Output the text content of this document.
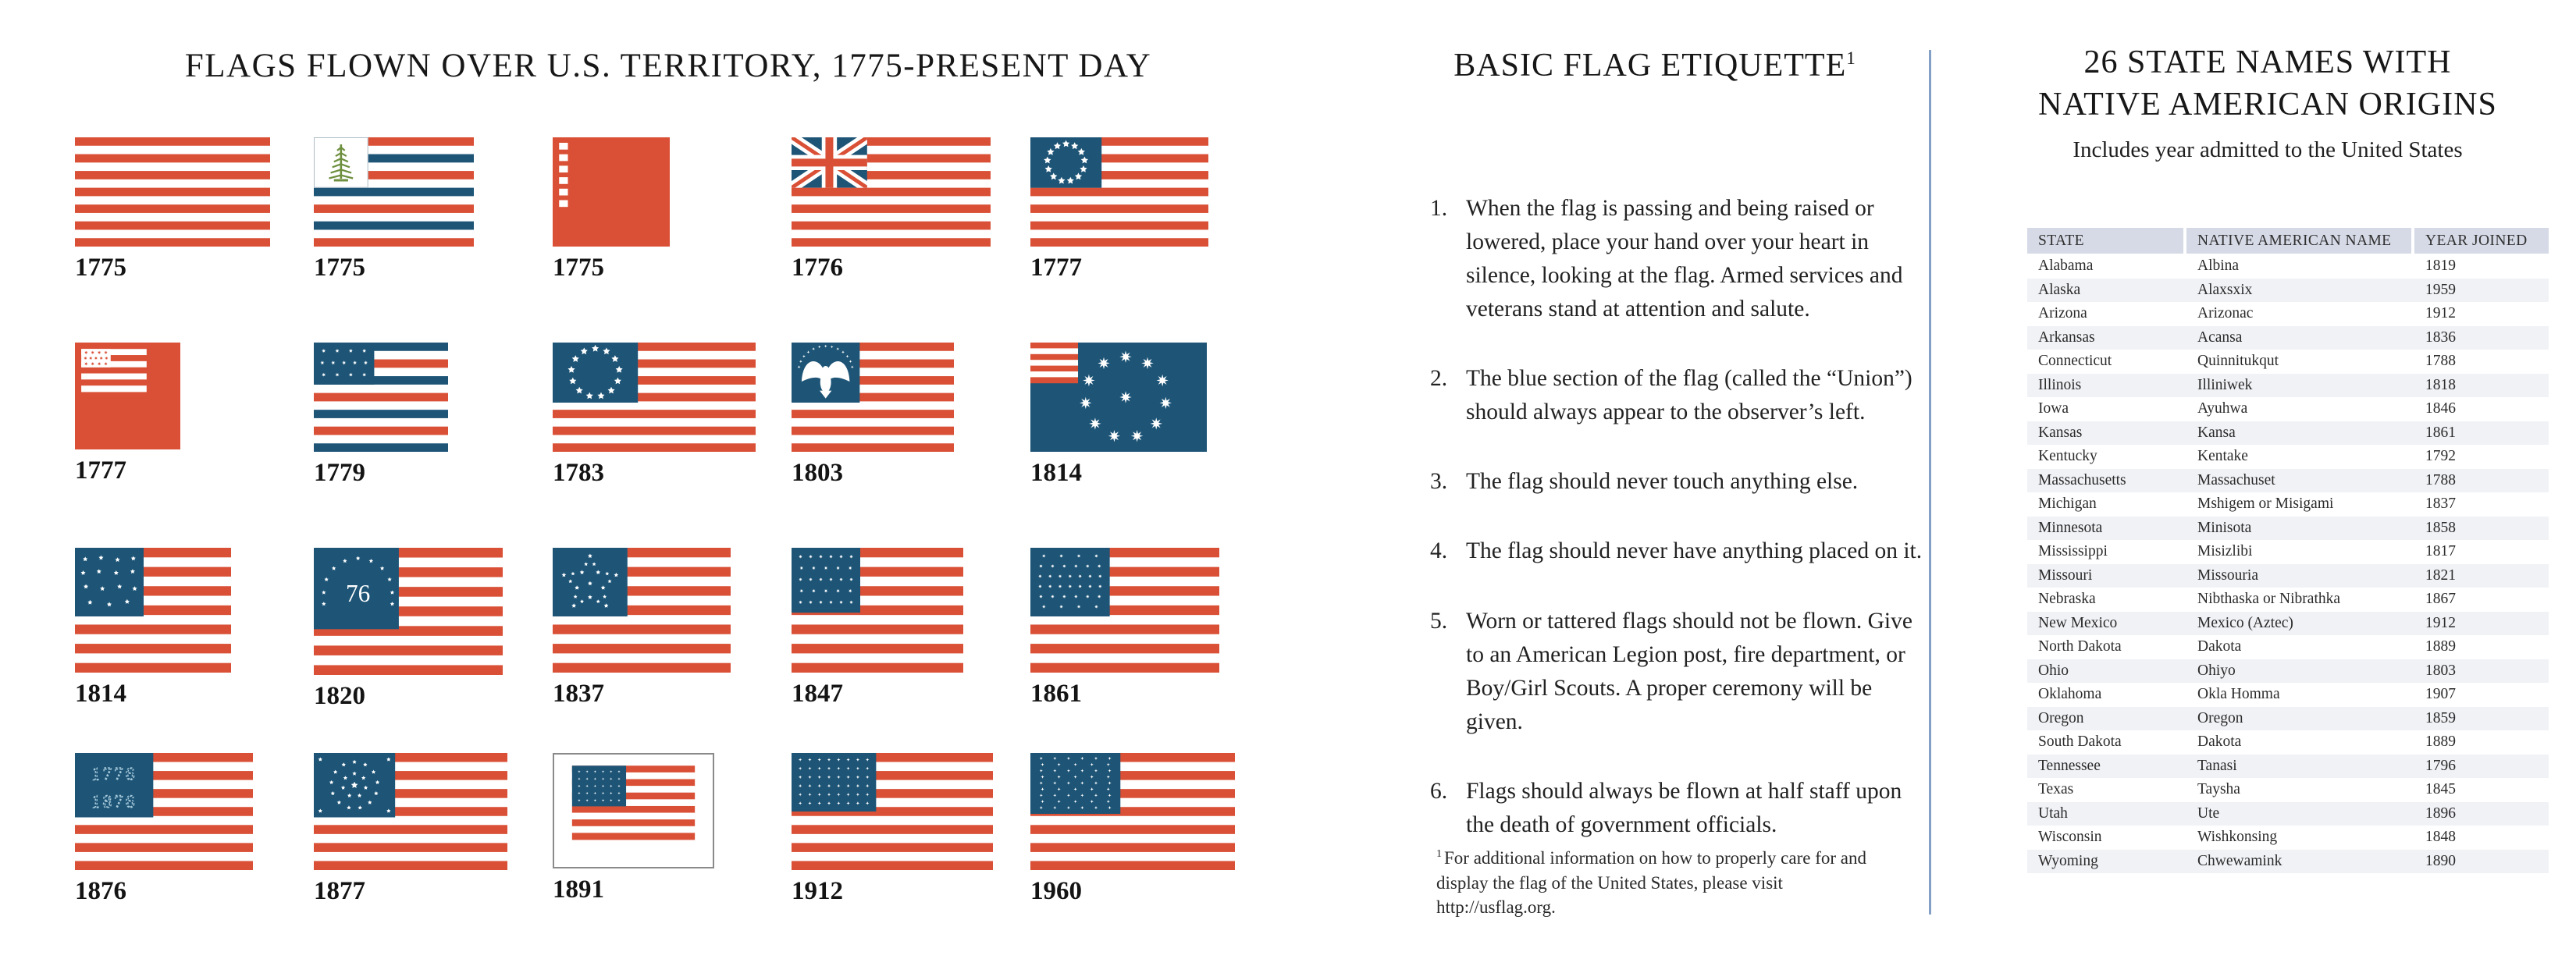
FLAGS FLOWN OVER U.S. TERRITORY, 1775-PRESENT DAY
1775	1775	1775	1776	1777
1777	1779	1783	1803	1814
1814
76
1820	1837	1847	1861
1776
1876
1876	1877	1891	1912	1960
BASIC FLAG ETIQUETTE$^1$
1. When the flag is passing and being raised or lowered, place your hand over your heart in silence, looking at the flag. Armed services and veterans stand at attention and salute.
2. The blue section of the flag (called the “Union”) should always appear to the observer’s left.
3. The flag should never touch anything else.
4. The flag should never have anything placed on it.
5. Worn or tattered flags should not be flown. Give to an American Legion post, fire department, or Boy/Girl Scouts. A proper ceremony will be given.
6. Flags should always be flown at half staff upon the death of government officials.
$^1$ For additional information on how to properly care for and display the flag of the United States, please visit http://usflag.org.
26 STATE NAMES WITH
NATIVE AMERICAN ORIGINS
Includes year admitted to the United States
STATE	NATIVE AMERICAN NAME	YEAR JOINED
Alabama	Albina	1819
Alaska	Alaxsxix	1959
Arizona	Arizonac	1912
Arkansas	Acansa	1836
Connecticut	Quinnitukqut	1788
Illinois	Illiniwek	1818
Iowa	Ayuhwa	1846
Kansas	Kansa	1861
Kentucky	Kentake	1792
Massachusetts	Massachuset	1788
Michigan	Mshigem or Misigami	1837
Minnesota	Minisota	1858
Mississippi	Misizlibi	1817
Missouri	Missouria	1821
Nebraska	Nibthaska or Nibrathka	1867
New Mexico	Mexico (Aztec)	1912
North Dakota	Dakota	1889
Ohio	Ohiyo	1803
Oklahoma	Okla Homma	1907
Oregon	Oregon	1859
South Dakota	Dakota	1889
Tennessee	Tanasi	1796
Texas	Taysha	1845
Utah	Ute	1896
Wisconsin	Wishkonsing	1848
Wyoming	Chwewamink	1890
